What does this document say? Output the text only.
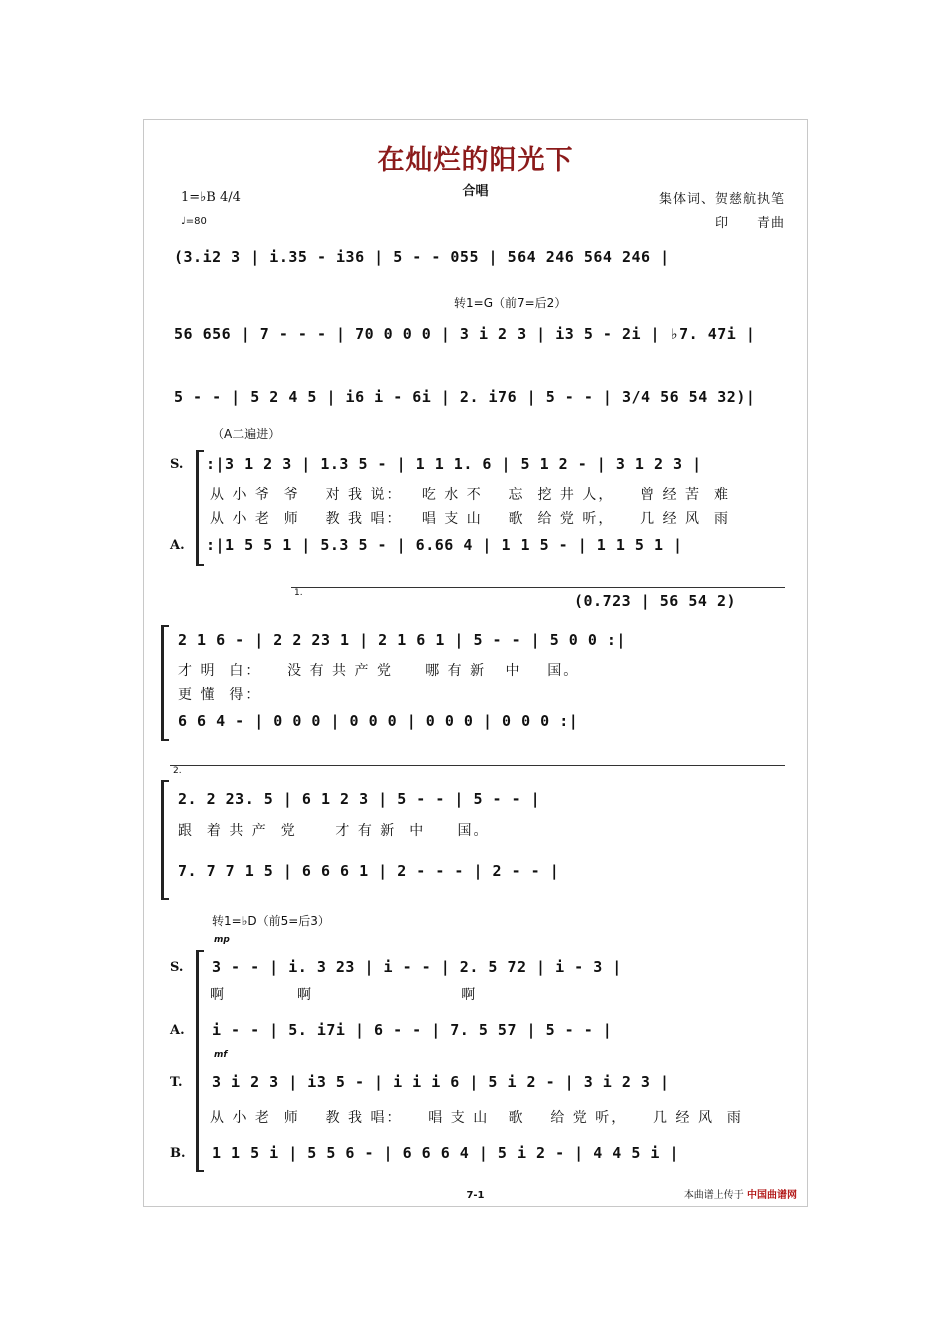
在灿烂的阳光下
合唱
1=♭B 4/4
♩=80
集体词、贺慈航执笔
印　　青曲
(3.i2 3 | i.35 - i36 | 5 - - 055 | 564 246 564 246 |
转1=G（前7=后2）
56 656 | 7 - - - | 70 0 0 0 | 3 i 2 3 | i3 5 - 2i | ♭7. 47i |
5 - - | 5 2 4 5 | i6 i - 6i | 2. i76 | 5 - - | 3/4 56 54 32)|
（A二遍进）
S. :|3 1 2 3 | 1.3 5 - | 1 1 1. 6 | 5 1 2 - | 3 1 2 3 |
从 小 爷  爷    对 我 说：   吃 水 不    忘  挖 井 人，    曾 经 苦  难
从 小 老  师    教 我 唱：   唱 支 山    歌  给 党 听，    几 经 风  雨
A. :|1 5 5 1 | 5.3 5 - | 6.66 4 | 1 1 5 - | 1 1 5 1 |
1.	(0.723 | 56 54 2)
2 1 6 - | 2 2 23 1 | 2 1 6 1 | 5 - - | 5 0 0 :|
才 明  白：    没 有 共 产 党     哪 有 新   中    国。
更 懂  得：
6 6 4 - | 0 0 0 | 0 0 0 | 0 0 0 | 0 0 0 :|
2.
2. 2 23. 5 | 6 1 2 3 | 5 - - | 5 - - |
跟  着 共 产  党      才 有 新  中     国。
7. 7 7 1 5 | 6 6 6 1 | 2 - - - | 2 - - |
转1=♭D（前5=后3）
mp
S. 3 - - | i. 3 23 | i - - | 2. 5 72 | i - 3 |
啊           啊                       啊
A. i - - | 5. i7i | 6 - - | 7. 5 57 | 5 - - |
mf
T. 3 i 2 3 | i3 5 - | i i i 6 | 5 i 2 - | 3 i 2 3 |
从 小 老  师    教 我 唱：    唱 支 山   歌    给 党 听，    几 经 风  雨
B. 1 1 5 i | 5 5 6 - | 6 6 6 4 | 5 i 2 - | 4 4 5 i |
7-1	本曲谱上传于 中国曲谱网
